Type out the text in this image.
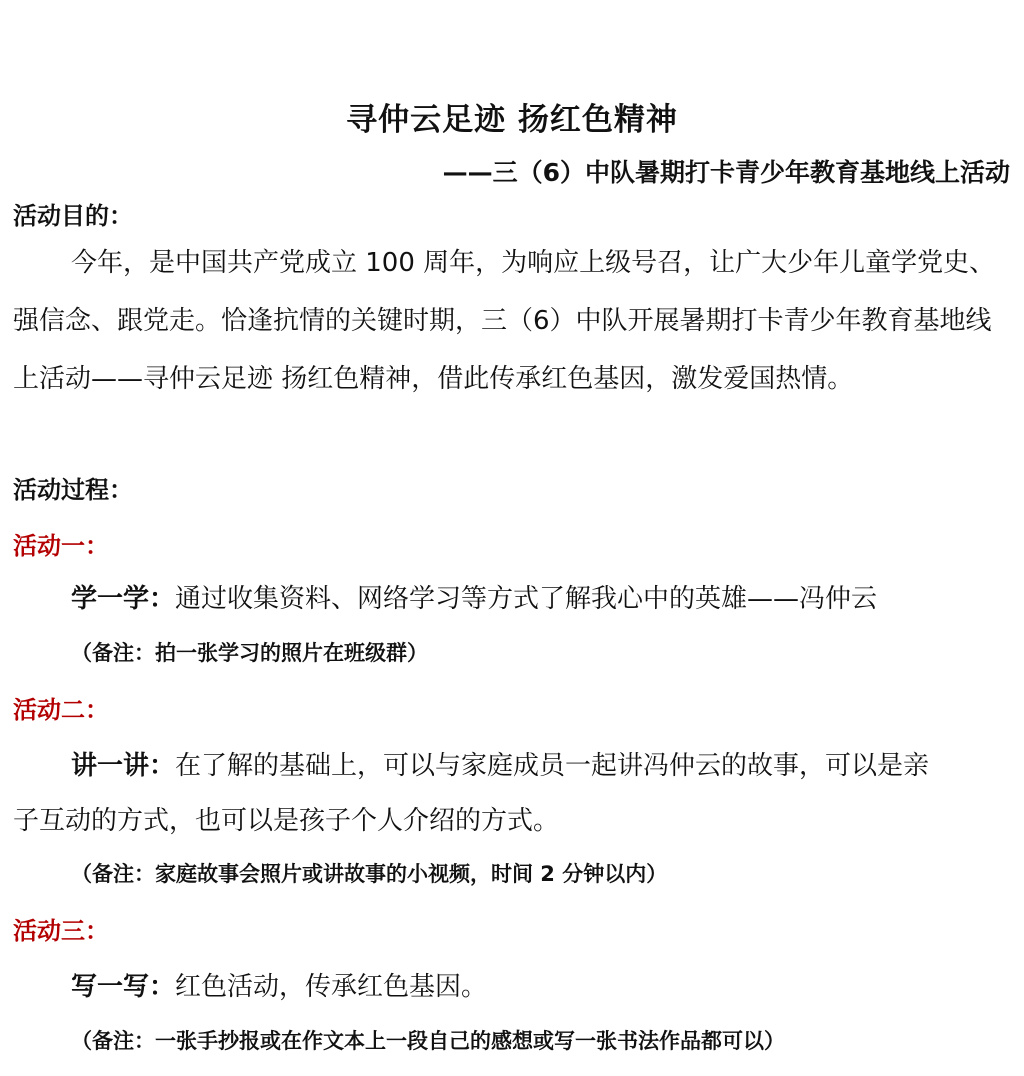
寻仲云足迹 扬红色精神
——三（6）中队暑期打卡青少年教育基地线上活动
活动目的：

今年，是中国共产党成立 100 周年，为响应上级号召，让广大少年儿童学党史、强信念、跟党走。恰逢抗情的关键时期，三（6）中队开展暑期打卡青少年教育基地线上活动——寻仲云足迹 扬红色精神，借此传承红色基因，激发爱国热情。

活动过程：
活动一：
学一学：通过收集资料、网络学习等方式了解我心中的英雄——冯仲云
（备注：拍一张学习的照片在班级群）
活动二：
讲一讲：在了解的基础上，可以与家庭成员一起讲冯仲云的故事，可以是亲
子互动的方式，也可以是孩子个人介绍的方式。
（备注：家庭故事会照片或讲故事的小视频，时间 2 分钟以内）
活动三：
写一写：红色活动，传承红色基因。
（备注：一张手抄报或在作文本上一段自己的感想或写一张书法作品都可以）
